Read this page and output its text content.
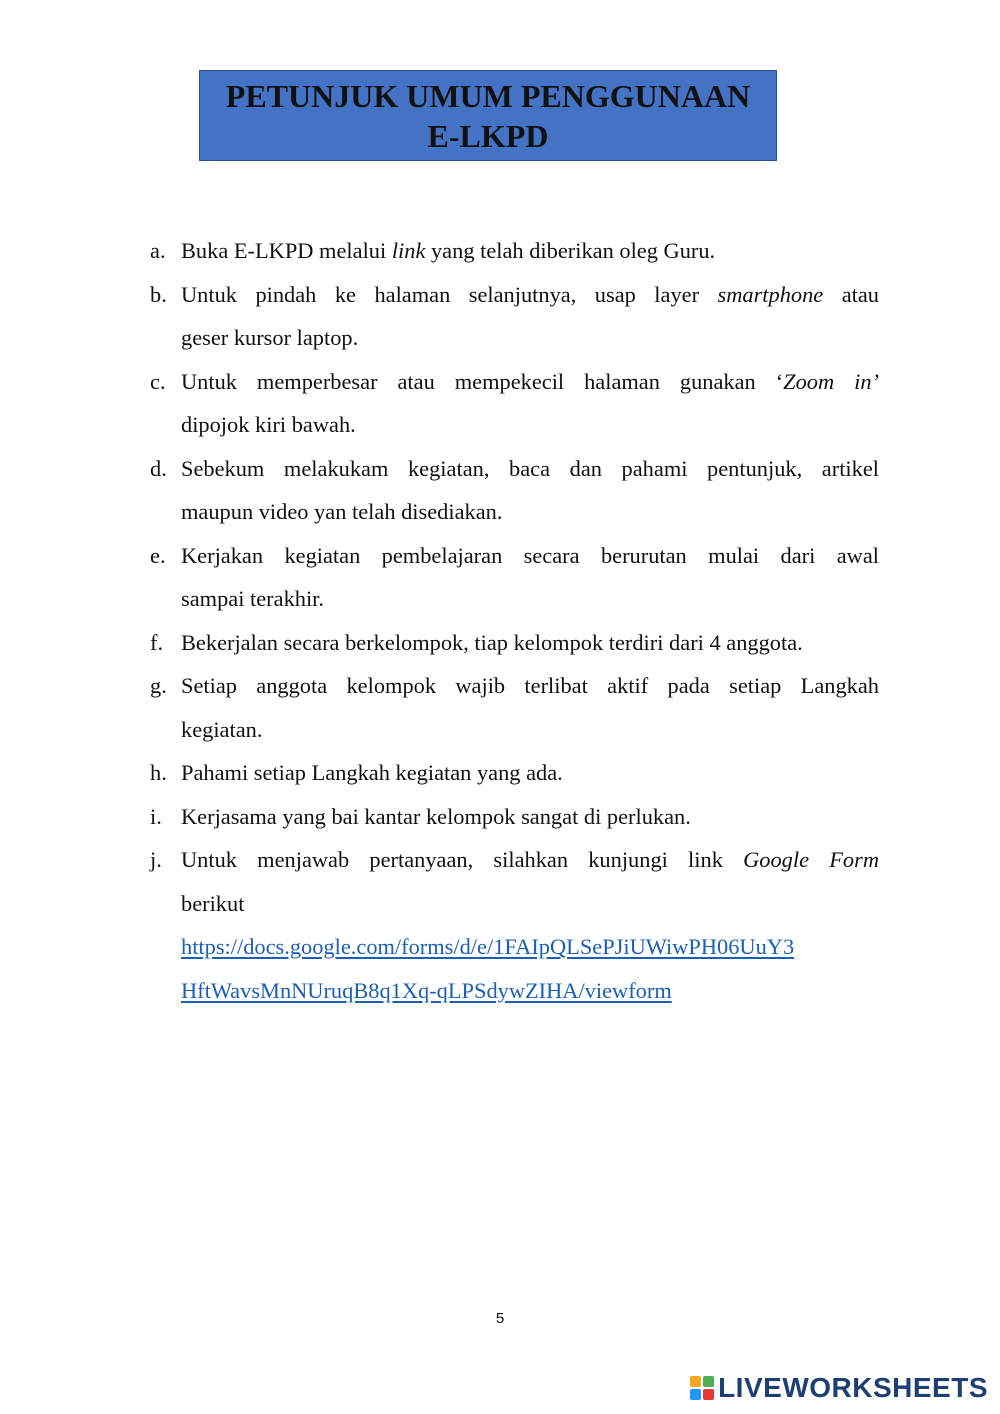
PETUNJUK UMUM PENGGUNAAN
E-LKPD
a. Buka E-LKPD melalui link yang telah diberikan oleg Guru.
b. Untuk pindah ke halaman selanjutnya, usap layer smartphone atau
geser kursor laptop.
c. Untuk memperbesar atau mempekecil halaman gunakan ‘Zoom in’
dipojok kiri bawah.
d. Sebekum melakukam kegiatan, baca dan pahami pentunjuk, artikel
maupun video yan telah disediakan.
e. Kerjakan kegiatan pembelajaran secara berurutan mulai dari awal
sampai terakhir.
f. Bekerjalan secara berkelompok, tiap kelompok terdiri dari 4 anggota.
g. Setiap anggota kelompok wajib terlibat aktif pada setiap Langkah
kegiatan.
h. Pahami setiap Langkah kegiatan yang ada.
i. Kerjasama yang bai kantar kelompok sangat di perlukan.
j. Untuk menjawab pertanyaan, silahkan kunjungi link Google Form
berikut
https://docs.google.com/forms/d/e/1FAIpQLSePJiUWiwPH06UuY3
HftWavsMnNUruqB8q1Xq-qLPSdywZIHA/viewform
5
LIVEWORKSHEETS
